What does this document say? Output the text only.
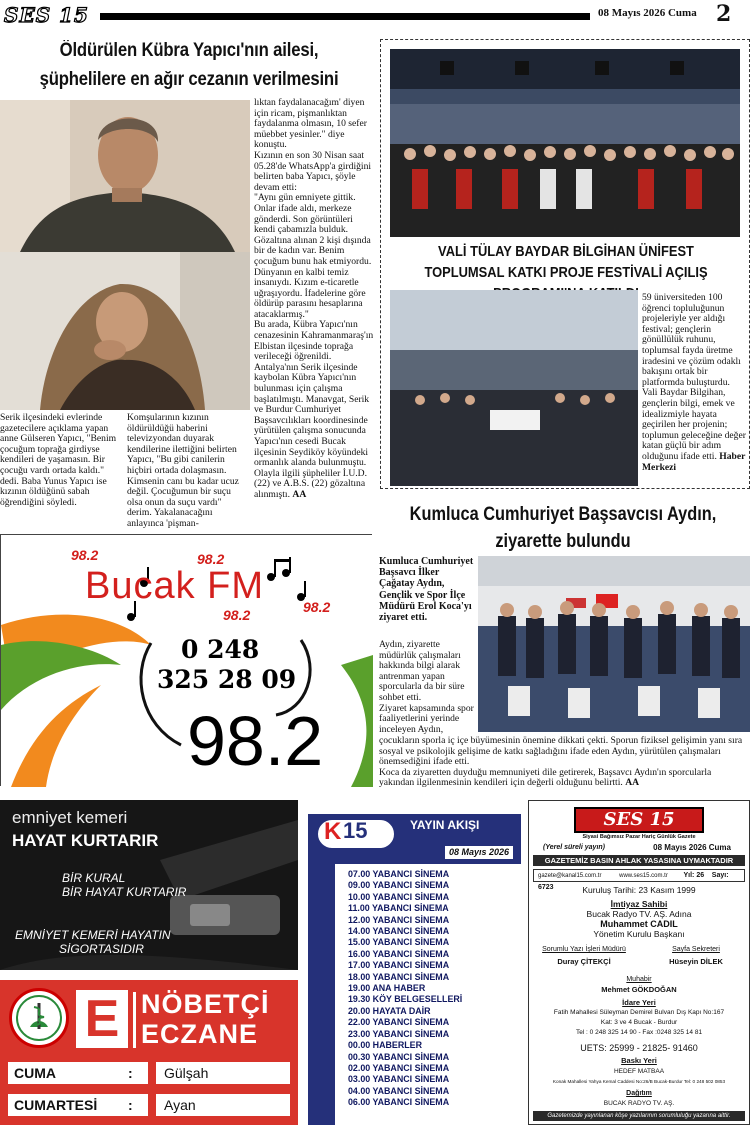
SES 15	08 Mayıs 2026 Cuma 2
Öldürülen Kübra Yapıcı'nın ailesi, şüphelilere en ağır cezanın verilmesini

lıktan faydalanacağım' diyen için ricam, pişmanlıktan faydalanma olmasın, 10 sefer müebbet yesinler." diye konuştu.

Kızının en son 30 Nisan saat 05.28'de WhatsApp'a girdiğini belirten baba Yapıcı, şöyle devam etti:

"Aynı gün emniyete gittik. Onlar ifade aldı, merkeze gönderdi. Son görüntüleri kendi çabamızla bulduk. Gözaltına alınan 2 kişi dışında bir de kadın var. Benim çocuğum bunu hak etmiyordu. Dünyanın en kalbi temiz insanıydı. Kızım e-ticaretle uğraşıyordu. İfadelerine göre öldürüp parasını hesaplarına atacaklarmış."

Bu arada, Kübra Yapıcı'nın cenazesinin Kahramanmaraş'ın Elbistan ilçesinde toprağa verileceği öğrenildi.

Antalya'nın Serik ilçesinde kaybolan Kübra Yapıcı'nın bulunması için çalışma başlatılmıştı. Manavgat, Serik ve Burdur Cumhuriyet Başsavcılıkları koordinesinde yürütülen çalışma sonucunda Yapıcı'nın cesedi Bucak ilçesinin Seydiköy köyündeki ormanlık alanda bulunmuştu. Olayla ilgili şüpheliler İ.U.D. (22) ve A.B.S. (22) gözaltına alınmıştı. AA

Serik ilçesindeki evlerinde gazetecilere açıklama yapan anne Gülseren Yapıcı, "Benim çocuğum toprağa girdiyse kendileri de yaşamasın. Bir çocuğu vardı ortada kaldı." dedi. Baba Yunus Yapıcı ise kızının öldüğünü sabah öğrendiğini söyledi.
Komşularının kızının öldürüldüğü haberini televizyondan duyarak kendilerine ilettiğini belirten Yapıcı, "Bu gibi canilerin hiçbiri ortada dolaşmasın. Kimsenin canı bu kadar ucuz değil. Çocuğumun bir suçu olsa onun da suçu vardı" derim. Yakalanacağını anlayınca 'pişman-
VALİ TÜLAY BAYDAR BİLGİHAN ÜNİFEST TOPLUMSAL KATKI PROJE FESTİVALİ AÇILIŞ

59 üniversiteden 100 öğrenci topluluğunun projeleriyle yer aldığı festival; gençlerin gönüllülük ruhunu, toplumsal fayda üretme iradesini ve çözüm odaklı bakışını ortak bir platformda buluşturdu.

Vali Baydar Bilgihan, gençlerin bilgi, emek ve idealizmiyle hayata geçirilen her projenin; toplumun geleceğine değer katan güçlü bir adım olduğunu ifade etti. Haber Merkezi

Kumluca Cumhuriyet Başsavcısı Aydın, ziyarette bulundu
Kumluca Cumhuriyet Başsavcı İlker Çağatay Aydın, Gençlik ve Spor İlçe Müdürü Erol Koca'yı ziyaret etti.

Aydın, ziyarette müdürlük çalışmaları hakkında bilgi alarak antrenman yapan sporcularla da bir süre sohbet etti.

Ziyaret kapsamında spor faaliyetlerini yerinde inceleyen Aydın,

çocukların sporla iç içe büyümesinin önemine dikkati çekti. Sporun fiziksel gelişimin yanı sıra sosyal ve psikolojik gelişime de katkı sağladığını ifade eden Aydın, yürütülen çalışmaları önemsediğini ifade etti.

Koca da ziyaretten duyduğu memnuniyeti dile getirerek, Başsavcı Aydın'ın sporcularla yakından ilgilenmesinin kendileri için değerli olduğunu belirtti. AA

98.2	98.2
98.2	98.2
Bucak FM
0 248
325 28 09
98.2
emniyet kemeri
HAYAT KURTARIR
BİR KURAL
BİR HAYAT KURTARIR
EMNİYET KEMERİ HAYATIN
SİGORTASIDIR
E NÖBETÇİ
ECZANE
CUMA	:	Gülşah
CUMARTESİ	:	Ayan
K 15	YAYIN AKIŞI
08 Mayıs 2026
07.00 YABANCI SİNEMA
09.00 YABANCI SİNEMA
10.00 YABANCI SİNEMA
11.00 YABANCI SİNEMA
12.00 YABANCI SİNEMA
14.00 YABANCI SİNEMA
15.00 YABANCI SİNEMA
16.00 YABANCI SİNEMA
17.00 YABANCI SİNEMA
18.00 YABANCI SİNEMA
19.00 ANA HABER
19.30 KÖY BELGESELLERİ
20.00 HAYATA DAİR
22.00 YABANCI SİNEMA
23.00 YABANCI SİNEMA
00.00 HABERLER
00.30 YABANCI SİNEMA
02.00 YABANCI SİNEMA
03.00 YABANCI SİNEMA
04.00 YABANCI SİNEMA
06.00 YABANCI SİNEMA
SES 15
Siyasi Bağımsız Pazar Hariç Günlük Gazete
(Yerel süreli yayın)	08 Mayıs 2026 Cuma
GAZETEMİZ BASIN AHLAK YASASINA UYMAKTADIR
gazete@kanal15.com.tr	www.ses15.com.tr Yıl: 26 Sayı: 6723	Kuruluş Tarihi: 23 Kasım 1999
İmtiyaz Sahibi
Bucak Radyo TV. AŞ. Adına
Muhammet CADIL
Yönetim Kurulu Başkanı
Sorumlu Yazı İşleri Müdürü	Sayfa Sekreteri
Duray ÇİTEKÇİ	Hüseyin DİLEK
Muhabir
Mehmet GÖKDOĞAN
İdare Yeri
Fatih Mahallesi Süleyman Demirel Bulvarı Dış Kapı No:167
Kat: 3 ve 4 Bucak - Burdur
Tel : 0 248 325 14 90 - Fax :0248 325 14 81
UETS: 25999 - 21825- 91460
Baskı Yeri
HEDEF MATBAA
Konak Mahallesi Yahya Kemal Caddesi No:26/B Bucak-Burdur Tel: 0 248 502 0853
Dağıtım
BUCAK RADYO TV. AŞ.
Gazetemizde yayınlanan köşe yazılarının sorumluluğu yazarına aittir.
